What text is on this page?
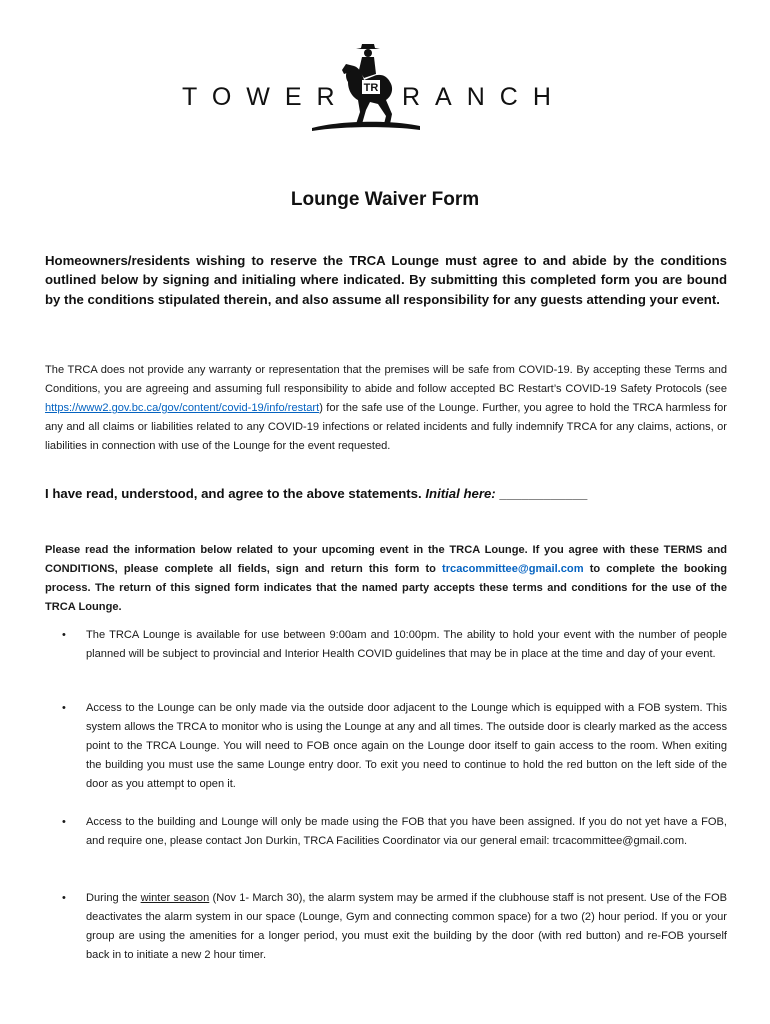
TOWER TR RANCH
Lounge Waiver Form

Homeowners/residents wishing to reserve the TRCA Lounge must agree to and abide by the conditions outlined below by signing and initialing where indicated. By submitting this completed form you are bound by the conditions stipulated therein, and also assume all responsibility for any guests attending your event.

The TRCA does not provide any warranty or representation that the premises will be safe from COVID-19. By accepting these Terms and Conditions, you are agreeing and assuming full responsibility to abide and follow accepted BC Restart’s COVID-19 Safety Protocols (see https://www2.gov.bc.ca/gov/content/covid-19/info/restart) for the safe use of the Lounge. Further, you agree to hold the TRCA harmless for any and all claims or liabilities related to any COVID-19 infections or related incidents and fully indemnify TRCA for any claims, actions, or liabilities in connection with use of the Lounge for the event requested.

I have read, understood, and agree to the above statements. Initial here: ____________

Please read the information below related to your upcoming event in the TRCA Lounge. If you agree with these TERMS and CONDITIONS, please complete all fields, sign and return this form to trcacommittee@gmail.com to complete the booking process. The return of this signed form indicates that the named party accepts these terms and conditions for the use of the TRCA Lounge.

• The TRCA Lounge is available for use between 9:00am and 10:00pm. The ability to hold your event with the number of people planned will be subject to provincial and Interior Health COVID guidelines that may be in place at the time and day of your event.
• Access to the Lounge can be only made via the outside door adjacent to the Lounge which is equipped with a FOB system. This system allows the TRCA to monitor who is using the Lounge at any and all times. The outside door is clearly marked as the access point to the TRCA Lounge. You will need to FOB once again on the Lounge door itself to gain access to the room. When exiting the building you must use the same Lounge entry door. To exit you need to continue to hold the red button on the left side of the door as you attempt to open it.
• Access to the building and Lounge will only be made using the FOB that you have been assigned. If you do not yet have a FOB, and require one, please contact Jon Durkin, TRCA Facilities Coordinator via our general email: trcacommittee@gmail.com.
• During the winter season (Nov 1- March 30), the alarm system may be armed if the clubhouse staff is not present. Use of the FOB deactivates the alarm system in our space (Lounge, Gym and connecting common space) for a two (2) hour period. If you or your group are using the amenities for a longer period, you must exit the building by the door (with red button) and re-FOB yourself back in to initiate a new 2 hour timer.
